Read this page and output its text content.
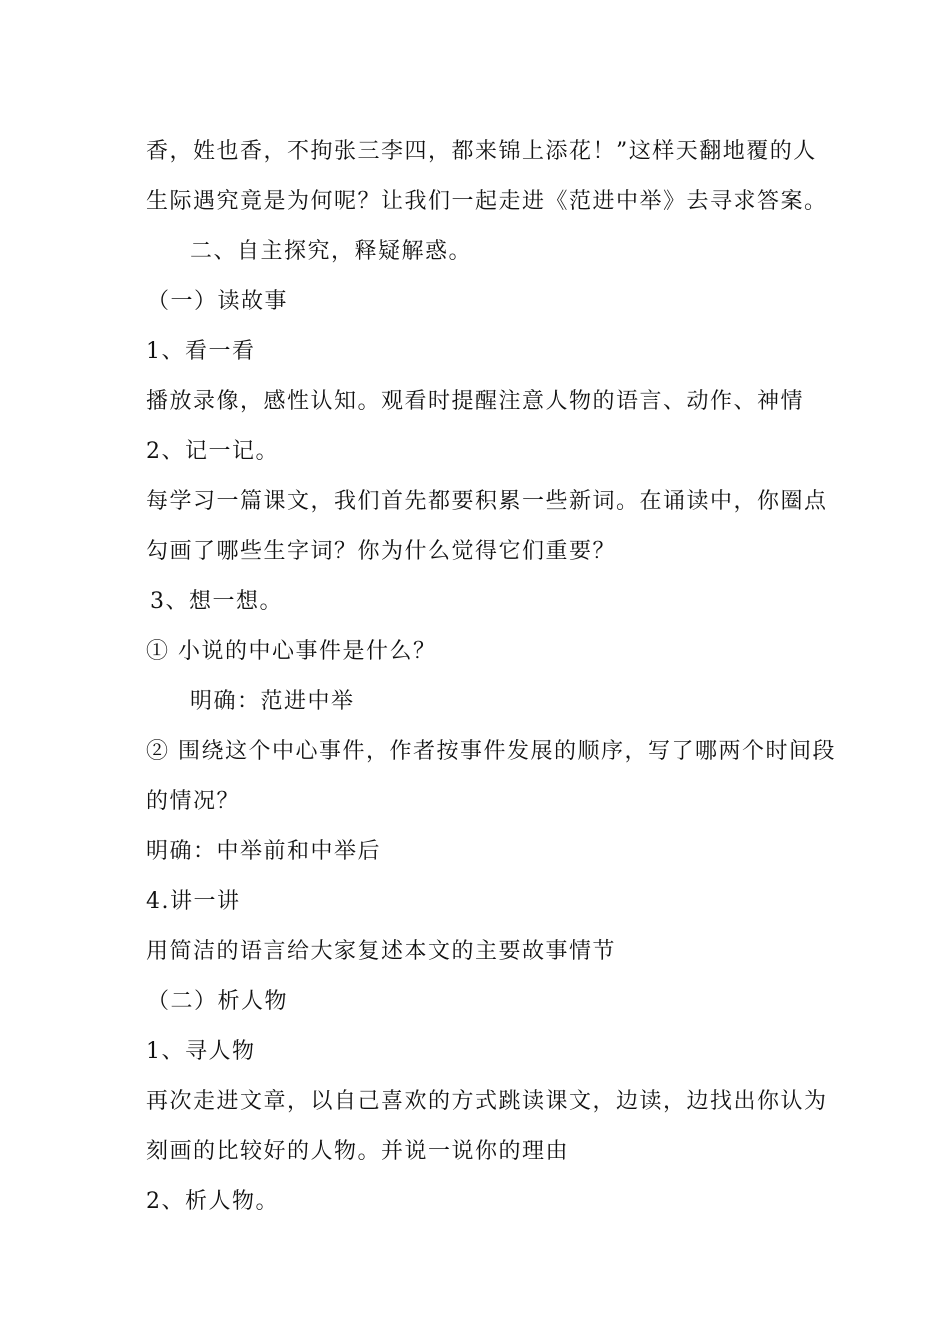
香，姓也香，不拘张三李四，都来锦上添花！”这样天翻地覆的人
生际遇究竟是为何呢？让我们一起走进《范进中举》去寻求答案。
二、自主探究，释疑解惑。
（一）读故事
1、看一看
播放录像，感性认知。观看时提醒注意人物的语言、动作、神情
2、记一记。
每学习一篇课文，我们首先都要积累一些新词。在诵读中，你圈点
勾画了哪些生字词？你为什么觉得它们重要？
3、想一想。
① 小说的中心事件是什么？
明确：范进中举
② 围绕这个中心事件，作者按事件发展的顺序，写了哪两个时间段
的情况？
明确：中举前和中举后
4.讲一讲
用简洁的语言给大家复述本文的主要故事情节
（二）析人物
1、寻人物
再次走进文章，以自己喜欢的方式跳读课文，边读，边找出你认为
刻画的比较好的人物。并说一说你的理由
2、析人物。
